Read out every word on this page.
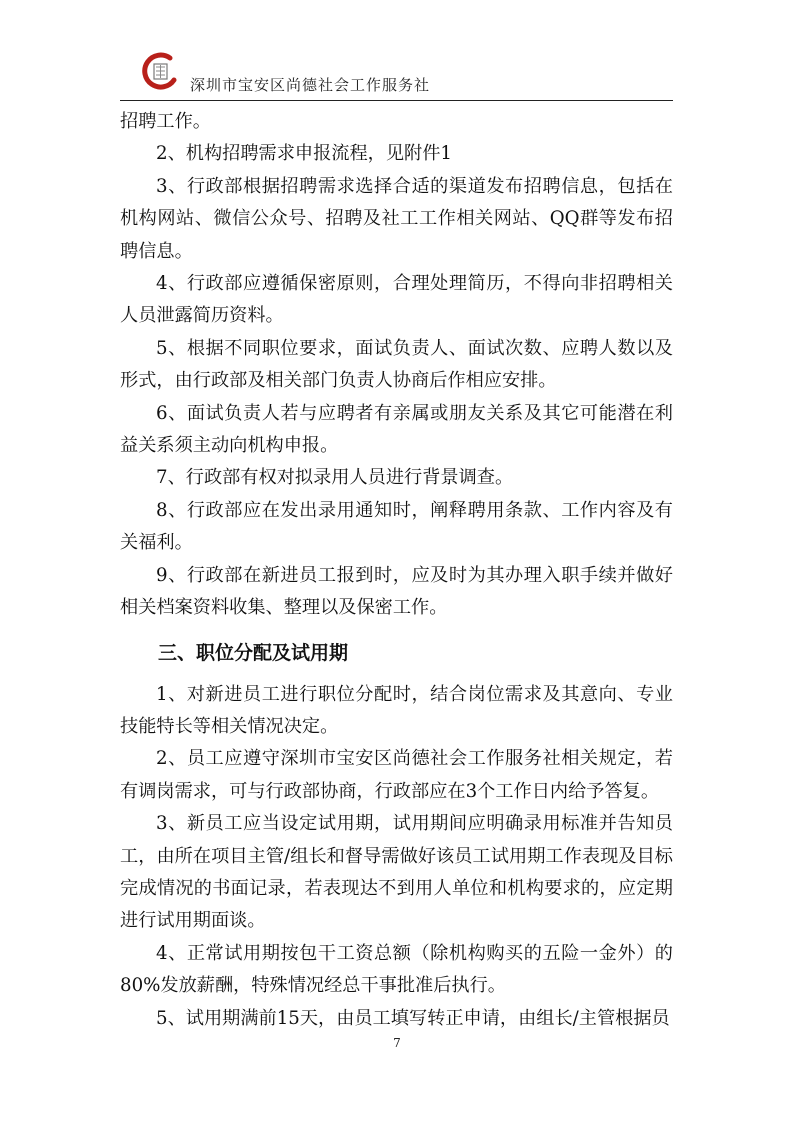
深圳市宝安区尚德社会工作服务社

招聘工作。

2、机构招聘需求申报流程，见附件1

3、行政部根据招聘需求选择合适的渠道发布招聘信息，包括在机构网站、微信公众号、招聘及社工工作相关网站、QQ群等发布招聘信息。

4、行政部应遵循保密原则，合理处理简历，不得向非招聘相关人员泄露简历资料。

5、根据不同职位要求，面试负责人、面试次数、应聘人数以及形式，由行政部及相关部门负责人协商后作相应安排。

6、面试负责人若与应聘者有亲属或朋友关系及其它可能潜在利益关系须主动向机构申报。

7、行政部有权对拟录用人员进行背景调查。

8、行政部应在发出录用通知时，阐释聘用条款、工作内容及有关福利。

9、行政部在新进员工报到时，应及时为其办理入职手续并做好相关档案资料收集、整理以及保密工作。

三、职位分配及试用期

1、对新进员工进行职位分配时，结合岗位需求及其意向、专业技能特长等相关情况决定。

2、员工应遵守深圳市宝安区尚德社会工作服务社相关规定，若有调岗需求，可与行政部协商，行政部应在3个工作日内给予答复。

3、新员工应当设定试用期，试用期间应明确录用标准并告知员工，由所在项目主管/组长和督导需做好该员工试用期工作表现及目标完成情况的书面记录，若表现达不到用人单位和机构要求的，应定期进行试用期面谈。

4、正常试用期按包干工资总额（除机构购买的五险一金外）的80%发放薪酬，特殊情况经总干事批准后执行。

5、试用期满前15天，由员工填写转正申请，由组长/主管根据员

7
